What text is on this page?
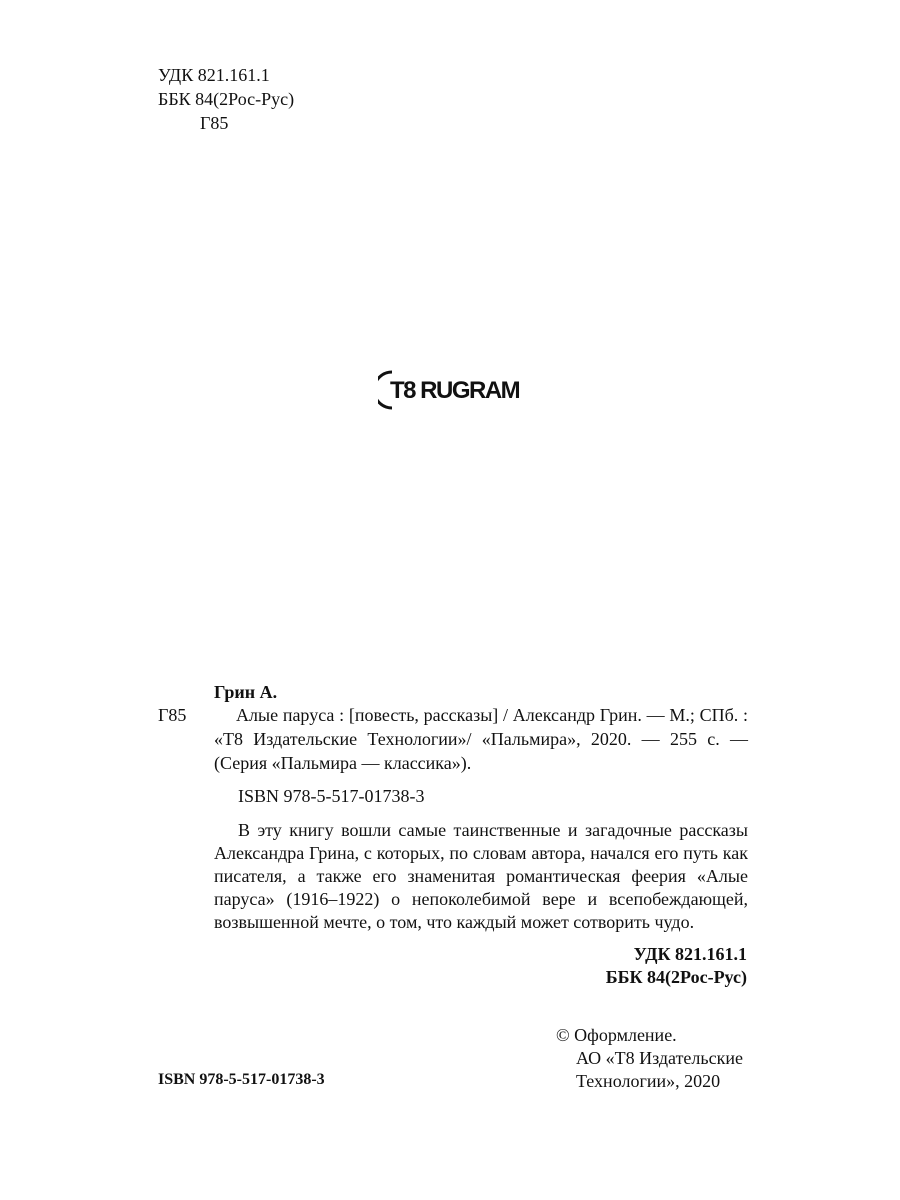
УДК 821.161.1
ББК 84(2Рос-Рус)
Г85
T8 RUGRAM
Грин А.
Г85	Алые паруса : [повесть, рассказы] / Александр Грин. — М.; СПб. : «Т8 Издательские Технологии»/ «Пальмира», 2020. — 255 с. — (Серия «Пальмира — классика»).

ISBN 978-5-517-01738-3

В эту книгу вошли самые таинственные и загадочные рассказы Александра Грина, с которых, по словам автора, начался его путь как писателя, а также его знаменитая романтическая феерия «Алые паруса» (1916–1922) о непоколебимой вере и всепобеждающей, возвышенной мечте, о том, что каждый может сотворить чудо.

УДК 821.161.1
ББК 84(2Рос-Рус)
© Оформление.
АО «Т8 Издательские
Технологии», 2020
ISBN 978-5-517-01738-3
